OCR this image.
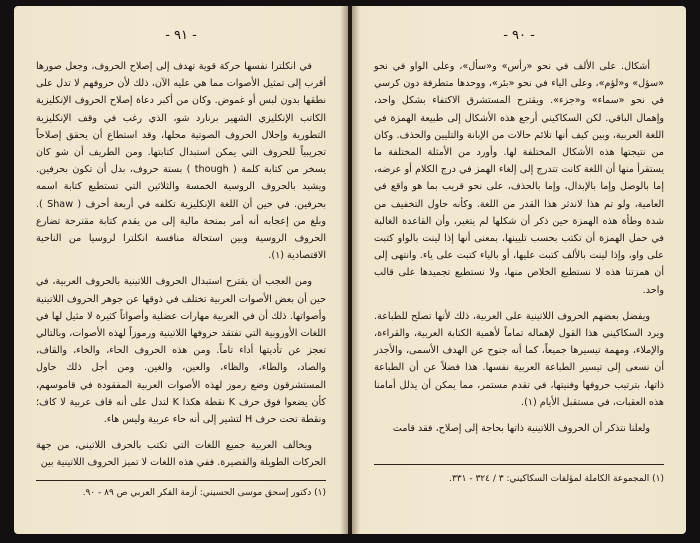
- ٩١ -

في انكلترا نفسها حركة قوية تهدف إلى إصلاح الحروف، وجعل صورها أقرب إلى تمثيل الأصوات مما هي عليه الآن، ذلك لأن حروفهم لا تدل على نطقها بدون لبس أو غموض. وكان من أكبر دعاة إصلاح الحروف الإنكليزية الكاتب الإنكليزي الشهير برنارد شو، الذي رغب في وقف الإنكليزية التطورية وإحلال الحروف الصوتية محلها، وقد استطاع أن يحقق إصلاحاً تجريبياً للحروف التي يمكن استبدال كتابتها. ومن الطريف أن شو كان يسخر من كتابة كلمة ( though ) بستة حروف، بدل أن تكون بحرفين. ويشيد بالحروف الروسية الخمسة والثلاثين التي تستطيع كتابة اسمه بحرفين. في حين أن اللغة الإنكليزية تكلفه في أربعة أحرف ( Shaw ). وبلغ من إعجابه أنه أمر بمنحة مالية إلى من يقدم كتابة مقترحة تضارع الحروف الروسية وبين استحالة منافسة انكلترا لروسيا من الناحية الاقتصادية (١).

ومن العجب أن يقترح استبدال الحروف اللاتينية بالحروف العربية، في حين أن بعض الأصوات العربية تختلف في ذوقها عن جوهر الحروف اللاتينية وأصواتها. ذلك أن في العربية مهارات عضلية وأصواتاً كثيرة لا مثيل لها في اللغات الأوروبية التي تفتقد حروفها اللاتينية ورموزاً لهذه الأصوات، وبالتالي تعجز عن تأديتها أداء تاماً. ومن هذه الحروف الحاء، والخاء، والقاف، والصاد، والطاء، والظاء، والعين، والغين. ومن أجل ذلك حاول المستشرقون وضع رموز لهذه الأصوات العربية المفقودة في قاموسهم، كأن يضعوا فوق حرف K نقطة هكذا K لتدل على أنه قاف عربية لا كاف؛ ونقطة تحت حرف H لتشير إلى أنه حاء عربية وليس هاء.

ويخالف العربية جميع اللغات التي تكتب بالحرف اللاتيني، من جهة الحركات الطويلة والقصيرة. ففي هذه اللغات لا تميز الحروف اللاتينية بين

(١) دكتور إسحق موسى الحسيني: أزمة الفكر العربي ص ٨٩ - ٩٠.
- ٩٠ -

أشكال. على الألف في نحو «رأس» و«سأل»، وعلى الواو في نحو «سؤل» و«لؤم»، وعلى الياء في نحو «بئر»، ووحدها متطرفة دون كرسي في نحو «سماء» و«جزء». ويقترح المستشرق الاكتفاء بشكل واحد، وإهمال الباقي. لكن السكاكيني أرجع هذه الأشكال إلى طبيعة الهمزة في اللغة العربية، وبين كيف أنها تلائم حالات من الإبانة والتليين والحذف. وكان من نتيجتها هذه الأشكال المختلفة لها. وأورد من الأمثلة المختلفة ما يستقرأ منها أن اللغة كانت تتدرج إلى إلغاء الهمز في درج الكلام أو عرضه، إما بالوصل وإما بالإبدال، وإما بالحذف، على نحو قريب بما هو واقع في العامية، ولو تم هذا لاندثر هذا القدر من اللغة. وكأنه حاول التخفيف من شدة وطأة هذه الهمزة حين ذكر أن شكلها لم يتغير، وأن القاعدة الغالبة في حمل الهمزة أن تكتب بحسب تليينها، بمعنى أنها إذا لينت بالواو كتبت على واو، وإذا لينت بالألف كتبت عليها، أو بالياء كتبت على ياء. وانتهى إلى أن همزتنا هذه لا نستطيع الخلاص منها، ولا نستطيع تجميدها على قالب واحد.

ويفضل بعضهم الحروف اللاتينية على العربية، ذلك لأنها تصلح للطباعة. ويرد السكاكيني هذا القول لإهماله تماماً لأهمية الكتابة العربية، والقراءة، والإملاء، ومهمة تيسيرها جميعاً، كما أنه جنوح عن الهدف الأسمى، والأجدر أن نسعى إلى تيسير الطباعة العربية نفسها. هذا فضلاً عن أن الطباعة ذاتها، بترتيب حروفها وفنيتها، في تقدم مستمر، مما يمكن أن يذلل أمامنا هذه العقبات، في مستقبل الأيام (١).

ولعلنا نتذكر أن الحروف اللاتينية ذاتها بحاجة إلى إصلاح، فقد قامت

(١) المجموعة الكاملة لمؤلفات السكاكيني: ٣ / ٣٢٤ - ٣٣١.
